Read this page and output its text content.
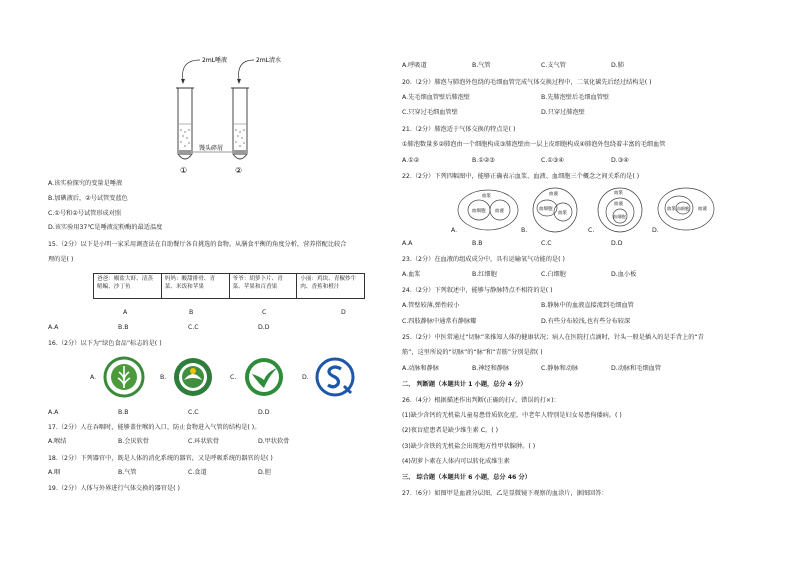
2mL唾液	2mL清水
馒头碎屑
①	②
A.该实验探究的变量是唾液
B.加碘液后，②号试管变蓝色
C.①号和②号试管形成对照
D.该实验用37℃是唾液淀粉酶的最适温度
15.（2分）以下是小明一家采用调查法在自助餐厅各自挑选的食物。从膳食平衡的角度分析，营养搭配比较合
理的是( )
爸爸：椒盐大虾、清蒸鲳鳊、沙丁鱼
妈妈：酸甜排骨、青菜、米饭和苹果
爷爷：胡萝卜片、青菜、苹果和百香果
小丽：鸡块、青椒炒牛肉、香蕉和橙汁
A	B	C	D
A.A	B.B	C.C	D.D
16.（2分）以下为“绿色食品”标志的是( )
A.	B.	C.	D.
A.A	B.B	C.C	D.D
17.（2分）人在吞咽时，能够盖住喉的入口，防止食物进入气管的结构是( )。
A.喉结	B.会厌软骨	C.环状软骨	D.甲状软骨
18.（2分）下列器官中，既是人体的消化系统的器官，又是呼吸系统的器官的是( )
A.咽	B.气管	C.食道	D.胆
19.（2分）人体与外界进行气体交换的器官是( )
A.呼吸道	B.气管	C.支气管	D.肺
20.（2分）肺泡与肺泡外包绕的毛细血管完成气体交换过程中，二氧化碳先后经过结构是( )
A.先毛细血管壁后肺泡壁	B.先肺泡壁后毛细血管壁
C.只穿过毛细血管壁	D.只穿过肺泡壁
21.（2分）肺泡适于气体交换的特点是( )
①肺泡数量多②肺泡由一个细胞构成③肺泡壁由一层上皮细胞构成④肺泡外包绕着丰富的毛细血管
A.①②	B.①②③	C.①③④	D.③④
22.（2分）下列四幅图中，能够正确表示血浆、血液、血细胞三个概念之间关系的是( )
A.
血浆
血细胞 血液
B.
血液
血细胞
血浆
C.
血浆
血液
血细胞
D.
血液
血浆 血细胞
A.A	B.B	C.C	D.D
23.（2分）在血液的组成成分中，具有运输氧气功能的是( )
A.血浆	B.红细胞	C.白细胞	D.血小板
24.（2分）下列叙述中，能够与静脉特点不相符的是( )
A.管壁较薄,弹性较小	B.静脉中的血液直接流到毛细血管
C.四肢静脉中通常有静脉瓣	D.有些分布较浅,也有些分布较深
25.（2分）中医常通过“切脉”来推知人体的健康状况；病人在医院打点滴时，针头一般是插入的是手背上的“青
筋”，这里所说的“切脉”的“脉”和“青筋”分别是指( )
A.动脉和静脉	B.神经和静脉	C.静脉和动脉	D.动脉和毛细血管
二、 判断题（本题共计 1 小题，总分 4 分）
26.（4分）根据描述作出判断(正确的打√，错误的打×)：
(1)缺少含钙的无机盐儿童易患骨质软化症，中老年人特别是妇女易患佝偻病。( )
(2)夜盲症患者是缺少维生素 C。( )
(3)缺少含铁的无机盐会出现地方性甲状腺肿。( )
(4)胡萝卜素在人体内可以转化成维生素
三、 综合题（本题共计 6 小题，总分 46 分）
27.（6分）如图甲是血液分层图，乙是显微镜下观察的血涂片，据图回答：
